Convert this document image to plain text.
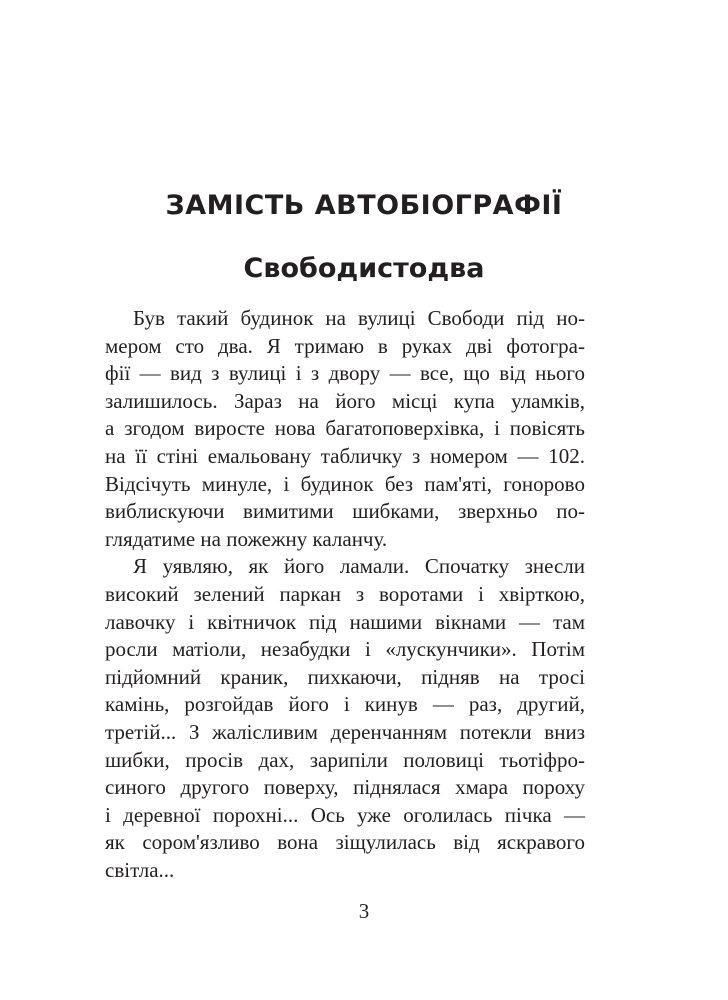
ЗАМІСТЬ АВТОБІОГРАФІЇ
Свободистодва
Був такий будинок на вулиці Свободи під но-
мером сто два. Я тримаю в руках дві фотогра-
фії — вид з вулиці і з двору — все, що від нього
залишилось. Зараз на його місці купа уламків,
а згодом виросте нова багатоповерхівка, і повісять
на її стіні емальовану табличку з номером — 102.
Відсічуть минуле, і будинок без пам'яті, гоноровo
виблискуючи вимитими шибками, зверхньо по-
глядатиме на пожежну каланчу.
Я уявляю, як його ламали. Спочатку знесли
високий зелений паркан з воротами і хвірткою,
лавочку і квітничок під нашими вікнами — там
росли матіоли, незабудки і «лускунчики». Потім
підйомний краник, пихкаючи, підняв на тросі
камінь, розгойдав його і кинув — раз, другий,
третій... З жалісливим деренчанням потекли вниз
шибки, просів дах, зарипіли половиці тьотіфро-
синого другого поверху, піднялася хмара пороху
і деревної порохні... Ось уже оголилась пічка —
як сором'язливо вона зіщулилась від яскравого
світла...
3
